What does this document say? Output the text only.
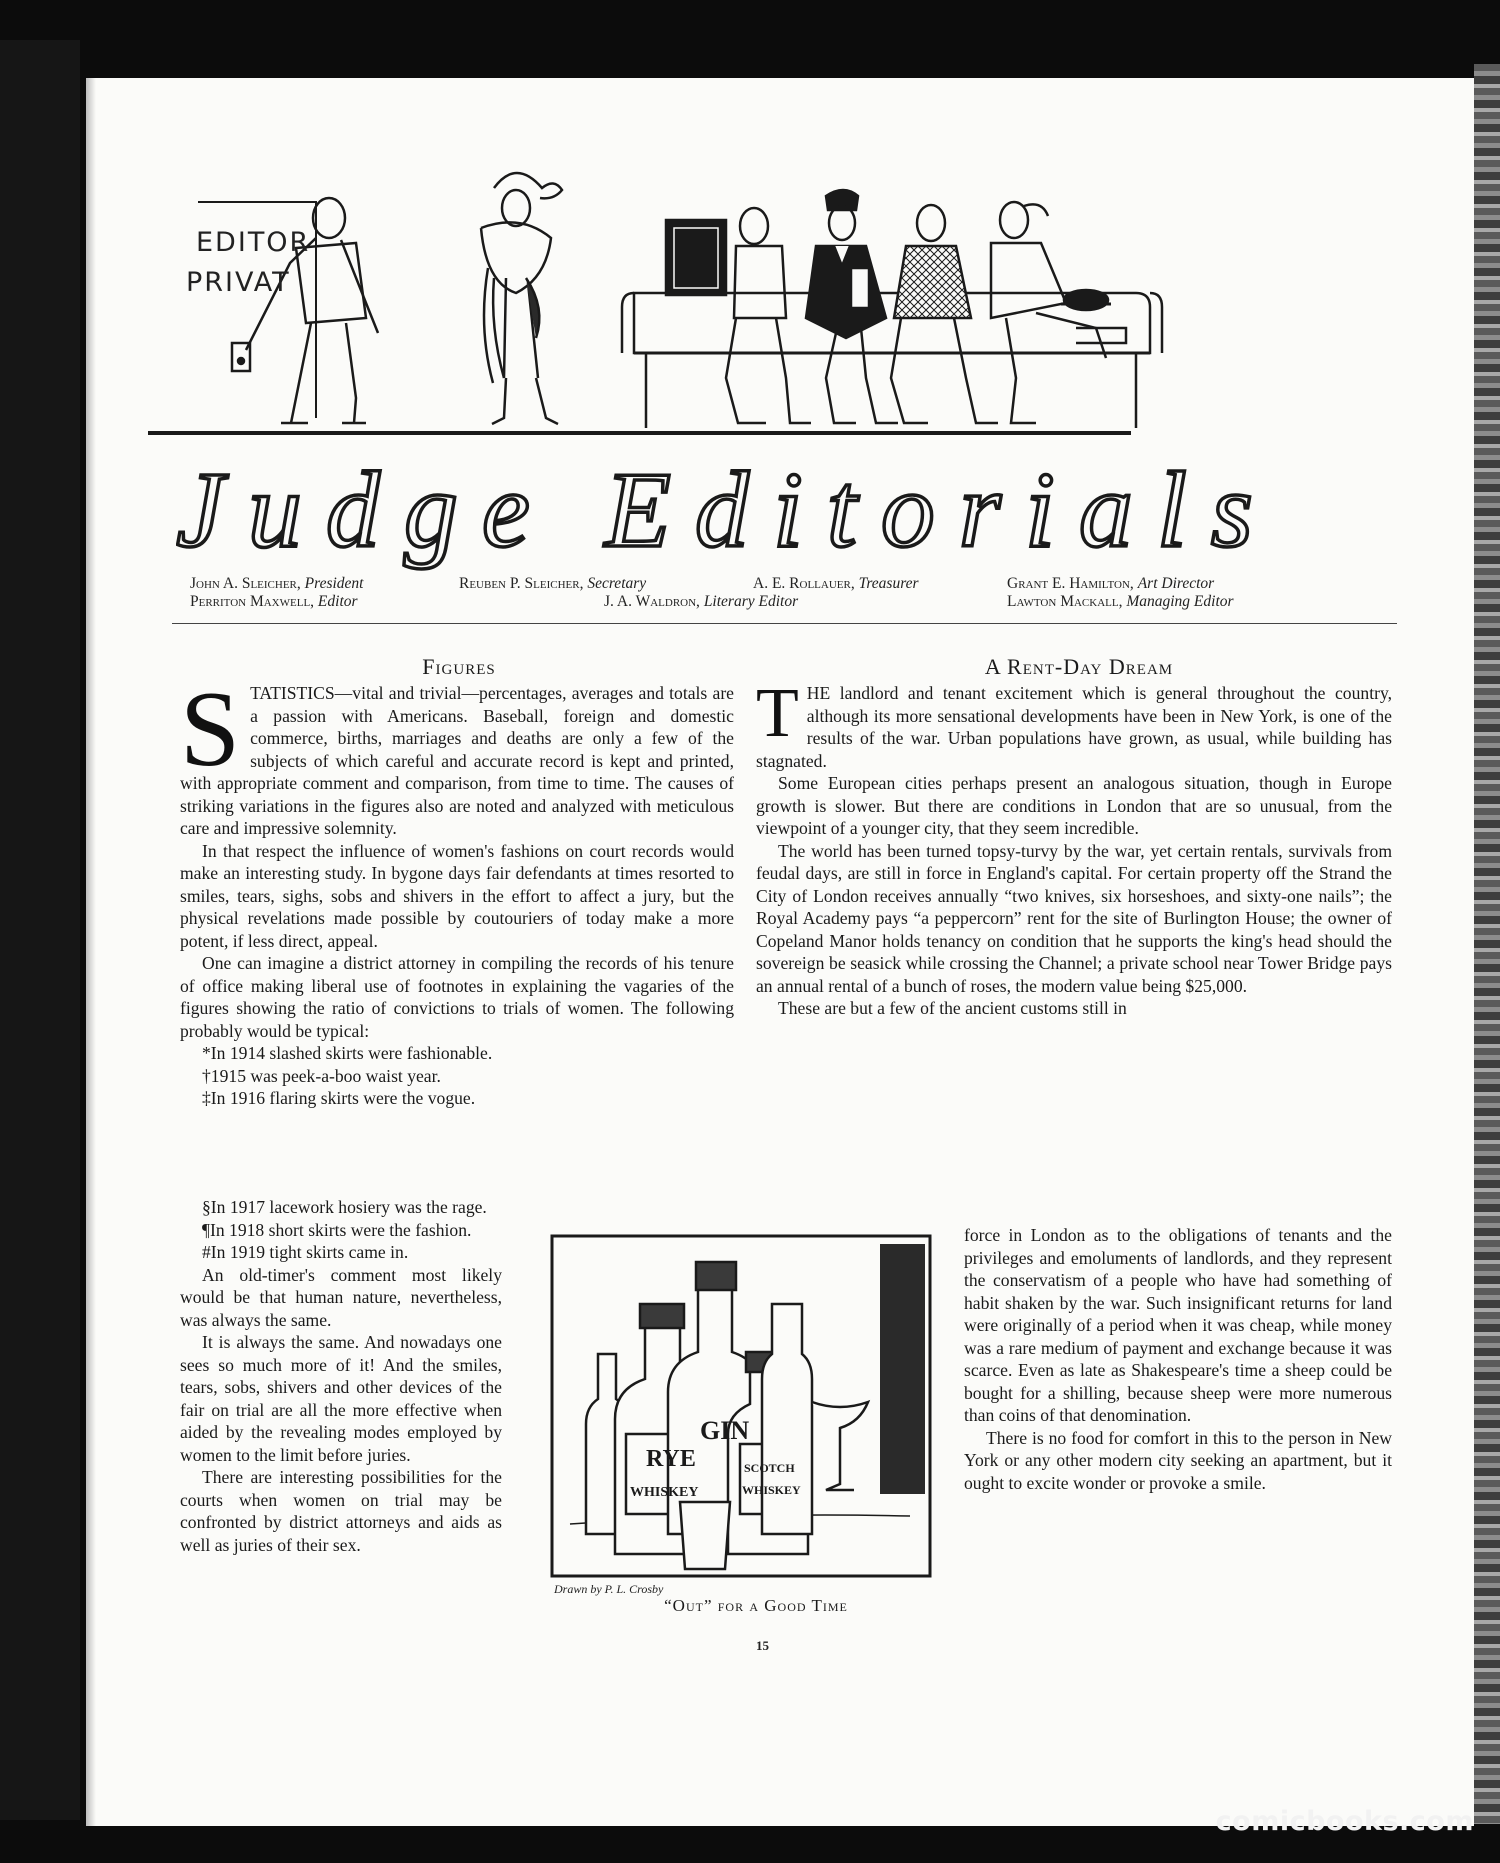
EDITOR
PRIVAT
Judge Editorials
John A. Sleicher, President	Reuben P. Sleicher, Secretary	A. E. Rollauer, Treasurer	Grant E. Hamilton, Art Director
Perriton Maxwell, Editor	J. A. Waldron, Literary Editor	Lawton Mackall, Managing Editor
Figures

STATISTICS—vital and trivial—percentages, averages and totals are a passion with Americans. Baseball, foreign and domestic commerce, births, marriages and deaths are only a few of the subjects of which careful and accurate record is kept and printed, with appropriate comment and comparison, from time to time. The causes of striking variations in the figures also are noted and analyzed with meticulous care and impressive solemnity.

In that respect the influence of women's fashions on court records would make an interesting study. In bygone days fair defendants at times resorted to smiles, tears, sighs, sobs and shivers in the effort to affect a jury, but the physical revelations made possible by coutouriers of today make a more potent, if less direct, appeal.

One can imagine a district attorney in compiling the records of his tenure of office making liberal use of footnotes in explaining the vagaries of the figures showing the ratio of convictions to trials of women. The following probably would be typical:

*In 1914 slashed skirts were fashionable.

†1915 was peek-a-boo waist year.

‡In 1916 flaring skirts were the vogue.

§In 1917 lacework hosiery was the rage.

¶In 1918 short skirts were the fashion.

#In 1919 tight skirts came in.

An old-timer's comment most likely would be that human nature, nevertheless, was always the same.

It is always the same. And nowadays one sees so much more of it! And the smiles, tears, sobs, shivers and other devices of the fair on trial are all the more effective when aided by the revealing modes employed by women to the limit before juries.

There are interesting possibilities for the courts when women on trial may be confronted by district attorneys and aids as well as juries of their sex.

A Rent-Day Dream

THE landlord and tenant excitement which is general throughout the country, although its more sensational developments have been in New York, is one of the results of the war. Urban populations have grown, as usual, while building has stagnated.

Some European cities perhaps present an analogous situation, though in Europe growth is slower. But there are conditions in London that are so unusual, from the viewpoint of a younger city, that they seem incredible.

The world has been turned topsy-turvy by the war, yet certain rentals, survivals from feudal days, are still in force in England's capital. For certain property off the Strand the City of London receives annually “two knives, six horseshoes, and sixty-one nails”; the Royal Academy pays “a peppercorn” rent for the site of Burlington House; the owner of Copeland Manor holds tenancy on condition that he supports the king's head should the sovereign be seasick while crossing the Channel; a private school near Tower Bridge pays an annual rental of a bunch of roses, the modern value being $25,000.

These are but a few of the ancient customs still in

force in London as to the obligations of tenants and the privileges and emoluments of landlords, and they represent the conservatism of a people who have had something of habit shaken by the war. Such insignificant returns for land were originally of a period when it was cheap, while money was a rare medium of payment and exchange because it was scarce. Even as late as Shakespeare's time a sheep could be bought for a shilling, because sheep were more numerous than coins of that denomination.

There is no food for comfort in this to the person in New York or any other modern city seeking an apartment, but it ought to excite wonder or provoke a smile.

RYE
WHISKEY
GIN
SCOTCH
WHISKEY
Drawn by P. L. Crosby
“Out” for a Good Time
15
comicbooks.com
